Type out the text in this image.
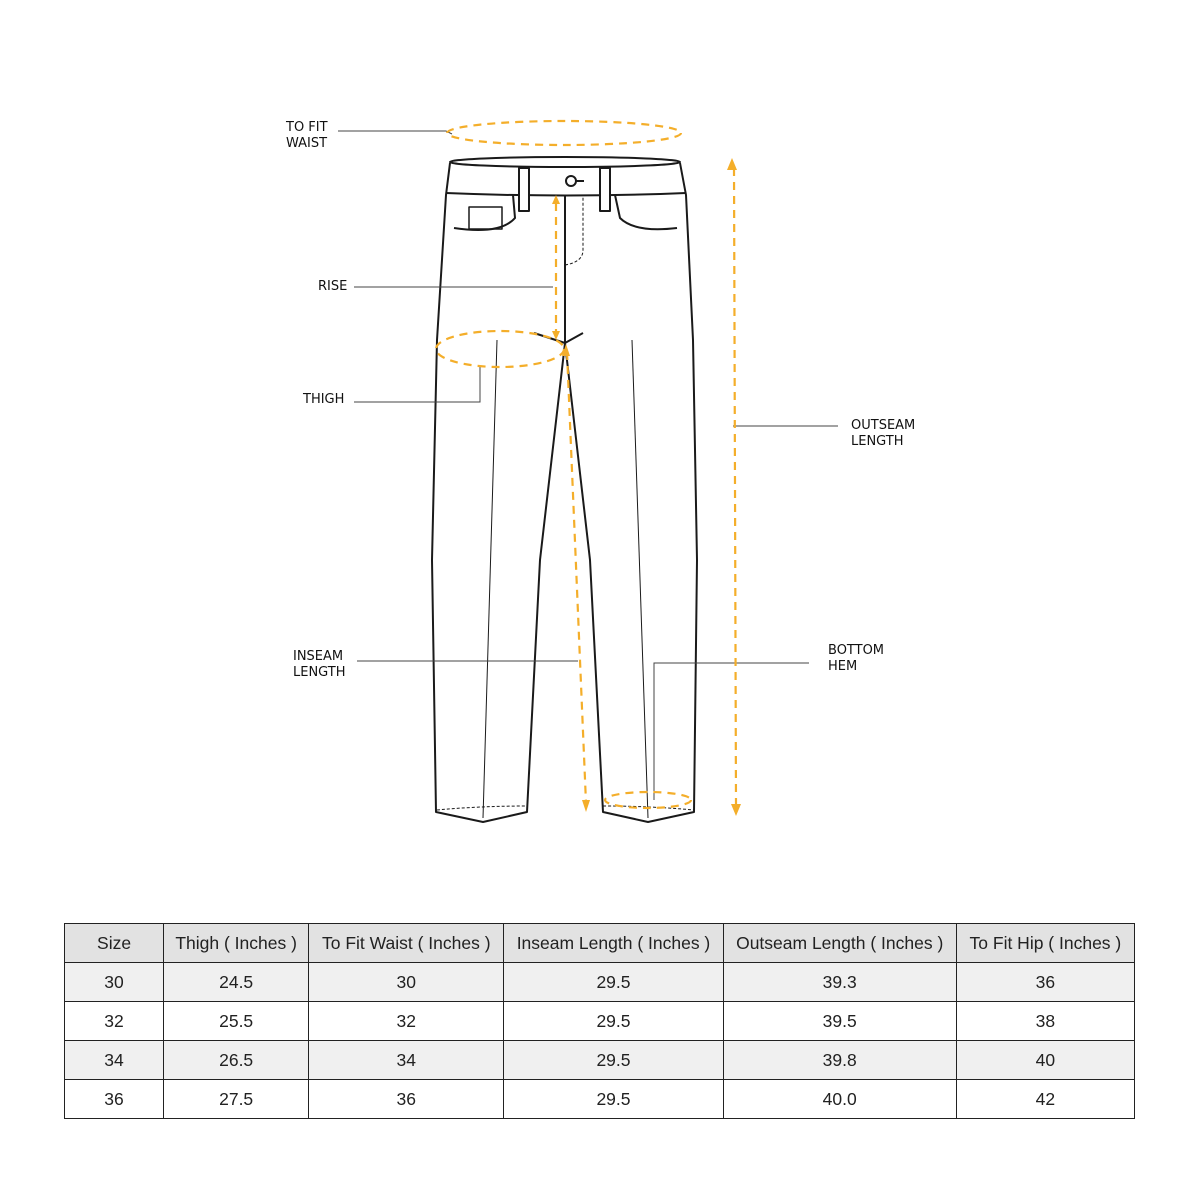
TO FIT
WAIST
RISE
THIGH
INSEAM
LENGTH
OUTSEAM
LENGTH
BOTTOM
HEM
Size	Thigh ( Inches )	To Fit Waist ( Inches )	Inseam Length ( Inches )	Outseam Length ( Inches )	To Fit Hip ( Inches )
30	24.5	30	29.5	39.3	36
32	25.5	32	29.5	39.5	38
34	26.5	34	29.5	39.8	40
36	27.5	36	29.5	40.0	42
